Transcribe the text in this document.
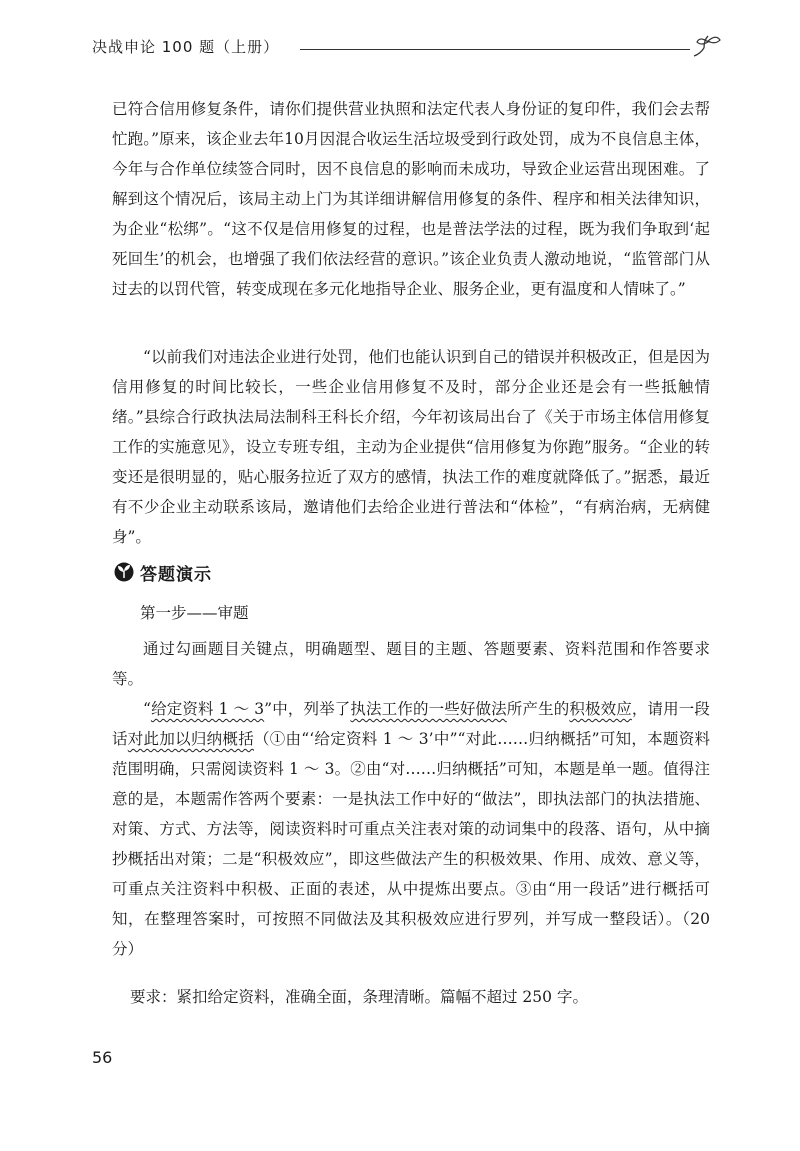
决战申论 100 题（上册）

已符合信用修复条件，请你们提供营业执照和法定代表人身份证的复印件，我们会去帮忙跑。”原来，该企业去年10月因混合收运生活垃圾受到行政处罚，成为不良信息主体，今年与合作单位续签合同时，因不良信息的影响而未成功，导致企业运营出现困难。了解到这个情况后，该局主动上门为其详细讲解信用修复的条件、程序和相关法律知识，为企业“松绑”。“这不仅是信用修复的过程，也是普法学法的过程，既为我们争取到‘起死回生’的机会，也增强了我们依法经营的意识。”该企业负责人激动地说，“监管部门从过去的以罚代管，转变成现在多元化地指导企业、服务企业，更有温度和人情味了。”

“以前我们对违法企业进行处罚，他们也能认识到自己的错误并积极改正，但是因为信用修复的时间比较长，一些企业信用修复不及时，部分企业还是会有一些抵触情绪。”县综合行政执法局法制科王科长介绍，今年初该局出台了《关于市场主体信用修复工作的实施意见》，设立专班专组，主动为企业提供“信用修复为你跑”服务。“企业的转变还是很明显的，贴心服务拉近了双方的感情，执法工作的难度就降低了。”据悉，最近有不少企业主动联系该局，邀请他们去给企业进行普法和“体检”，“有病治病，无病健身”。

答题演示
第一步——审题

通过勾画题目关键点，明确题型、题目的主题、答题要素、资料范围和作答要求等。

“给定资料 1 ～ 3”中，列举了执法工作的一些好做法所产生的积极效应，请用一段话对此加以归纳概括（①由“‘给定资料 1 ～ 3’中”“对此……归纳概括”可知，本题资料范围明确，只需阅读资料 1 ～ 3。②由“对……归纳概括”可知，本题是单一题。值得注意的是，本题需作答两个要素：一是执法工作中好的“做法”，即执法部门的执法措施、对策、方式、方法等，阅读资料时可重点关注表对策的动词集中的段落、语句，从中摘抄概括出对策；二是“积极效应”，即这些做法产生的积极效果、作用、成效、意义等，可重点关注资料中积极、正面的表述，从中提炼出要点。③由“用一段话”进行概括可知，在整理答案时，可按照不同做法及其积极效应进行罗列，并写成一整段话）。（20 分）

要求：紧扣给定资料，准确全面，条理清晰。篇幅不超过 250 字。
56
